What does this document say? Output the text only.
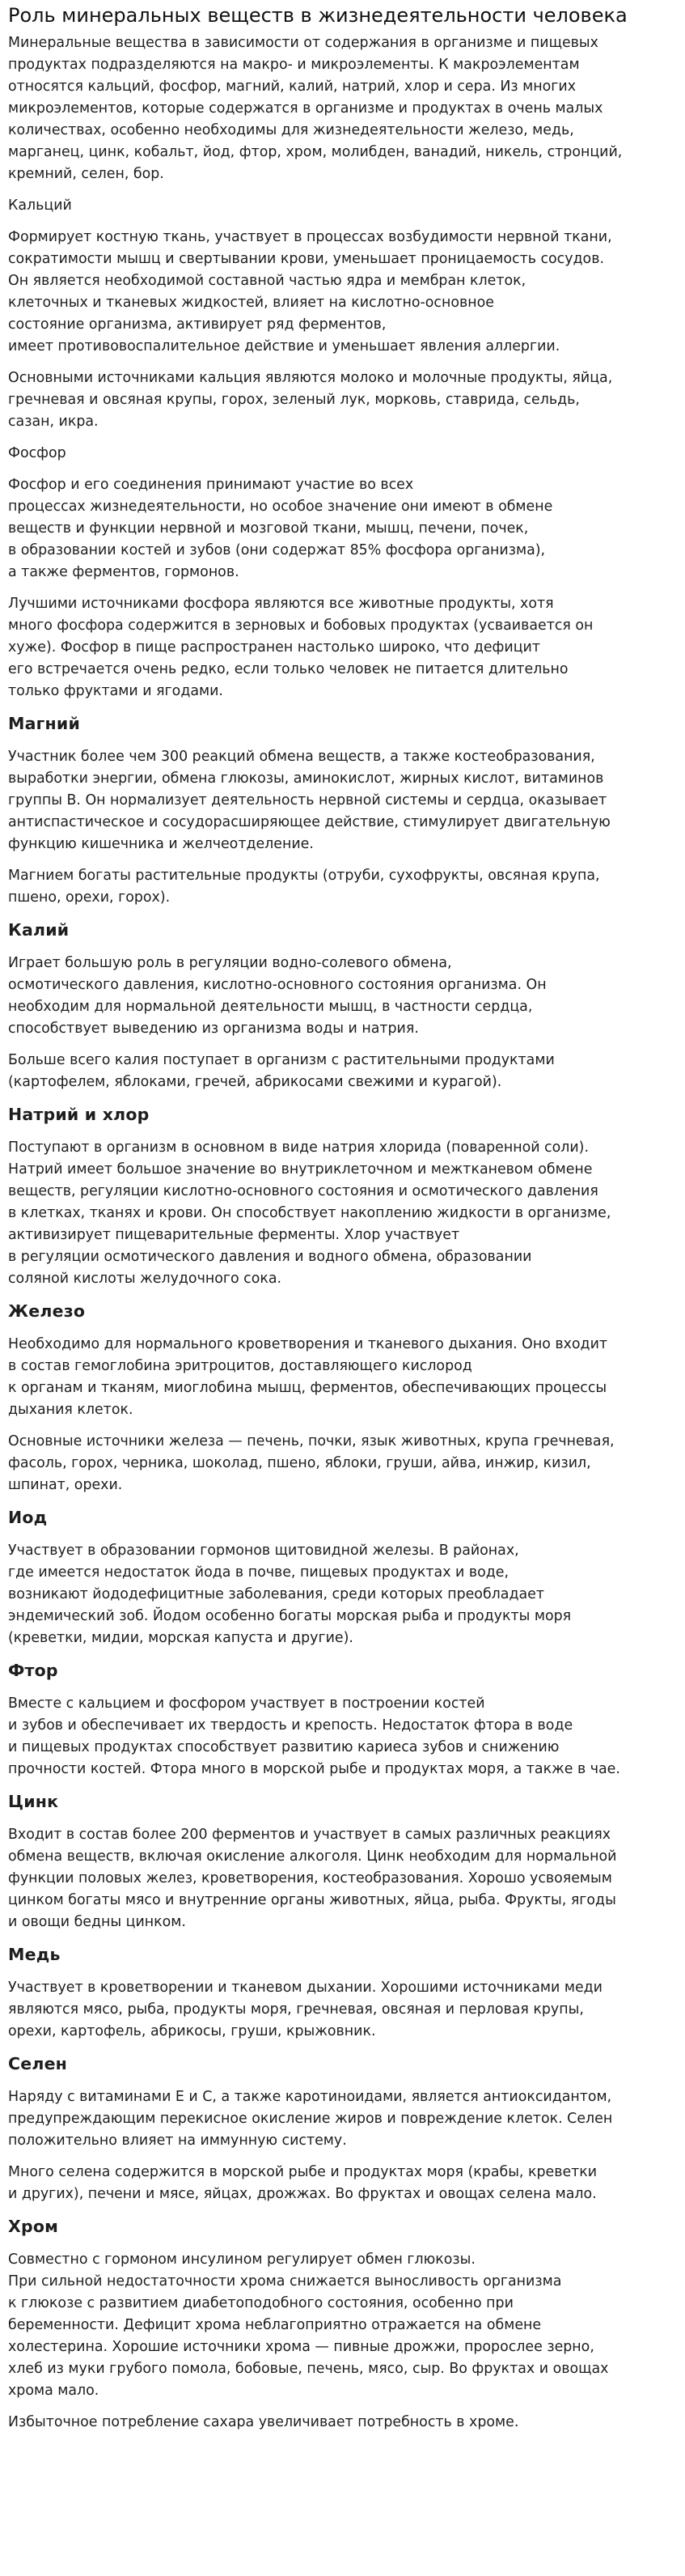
Роль минеральных веществ в жизнедеятельности человека

Минеральные вещества в зависимости от содержания в организме и пищевых
продуктах подразделяются на макро- и микроэлементы. К макроэлементам
относятся кальций, фосфор, магний, калий, натрий, хлор и сера. Из многих
микроэлементов, которые содержатся в организме и продуктах в очень малых
количествах, особенно необходимы для жизнедеятельности железо, медь,
марганец, цинк, кобальт, йод, фтор, хром, молибден, ванадий, никель, стронций,
кремний, селен, бор.

Кальций

Формирует костную ткань, участвует в процессах возбудимости нервной ткани,
сократимости мышц и свертывании крови, уменьшает проницаемость сосудов.
Он является необходимой составной частью ядра и мембран клеток,
клеточных и тканевых жидкостей, влияет на кислотно-основное
состояние организма, активирует ряд ферментов,
имеет противовоспалительное действие и уменьшает явления аллергии.

Основными источниками кальция являются молоко и молочные продукты, яйца,
гречневая и овсяная крупы, горох, зеленый лук, морковь, ставрида, сельдь,
сазан, икра.

Фосфор

Фосфор и его соединения принимают участие во всех
процессах жизнедеятельности, но особое значение они имеют в обмене
веществ и функции нервной и мозговой ткани, мышц, печени, почек,
в образовании костей и зубов (они содержат 85% фосфора организма),
а также ферментов, гормонов.

Лучшими источниками фосфора являются все животные продукты, хотя
много фосфора содержится в зерновых и бобовых продуктах (усваивается он
хуже). Фосфор в пище распространен настолько широко, что дефицит
его встречается очень редко, если только человек не питается длительно
только фруктами и ягодами.

Магний

Участник более чем 300 реакций обмена веществ, а также костеобразования,
выработки энергии, обмена глюкозы, аминокислот, жирных кислот, витаминов
группы В. Он нормализует деятельность нервной системы и сердца, оказывает
антиспастическое и сосудорасширяющее действие, стимулирует двигательную
функцию кишечника и желчеотделение.

Магнием богаты растительные продукты (отруби, сухофрукты, овсяная крупа,
пшено, орехи, горох).

Калий

Играет большую роль в регуляции водно-солевого обмена,
осмотического давления, кислотно-основного состояния организма. Он
необходим для нормальной деятельности мышц, в частности сердца,
способствует выведению из организма воды и натрия.

Больше всего калия поступает в организм с растительными продуктами
(картофелем, яблоками, гречей, абрикосами свежими и курагой).

Натрий и хлор

Поступают в организм в основном в виде натрия хлорида (поваренной соли).
Натрий имеет большое значение во внутриклеточном и межтканевом обмене
веществ, регуляции кислотно-основного состояния и осмотического давления
в клетках, тканях и крови. Он способствует накоплению жидкости в организме,
активизирует пищеварительные ферменты. Хлор участвует
в регуляции осмотического давления и водного обмена, образовании
соляной кислоты желудочного сока.

Железо

Необходимо для нормального кроветворения и тканевого дыхания. Оно входит
в состав гемоглобина эритроцитов, доставляющего кислород
к органам и тканям, миоглобина мышц, ферментов, обеспечивающих процессы
дыхания клеток.

Основные источники железа — печень, почки, язык животных, крупа гречневая,
фасоль, горох, черника, шоколад, пшено, яблоки, груши, айва, инжир, кизил,
шпинат, орехи.

Иод

Участвует в образовании гормонов щитовидной железы. В районах,
где имеется недостаток йода в почве, пищевых продуктах и воде,
возникают йододефицитные заболевания, среди которых преобладает
эндемический зоб. Йодом особенно богаты морская рыба и продукты моря
(креветки, мидии, морская капуста и другие).

Фтор

Вместе с кальцием и фосфором участвует в построении костей
и зубов и обеспечивает их твердость и крепость. Недостаток фтора в воде
и пищевых продуктах способствует развитию кариеса зубов и снижению
прочности костей. Фтора много в морской рыбе и продуктах моря, а также в чае.

Цинк

Входит в состав более 200 ферментов и участвует в самых различных реакциях
обмена веществ, включая окисление алкоголя. Цинк необходим для нормальной
функции половых желез, кроветворения, костеобразования. Хорошо усвояемым
цинком богаты мясо и внутренние органы животных, яйца, рыба. Фрукты, ягоды
и овощи бедны цинком.

Медь

Участвует в кроветворении и тканевом дыхании. Хорошими источниками меди
являются мясо, рыба, продукты моря, гречневая, овсяная и перловая крупы,
орехи, картофель, абрикосы, груши, крыжовник.

Селен

Наряду с витаминами Е и С, а также каротиноидами, является антиоксидантом,
предупреждающим перекисное окисление жиров и повреждение клеток. Селен
положительно влияет на иммунную систему.

Много селена содержится в морской рыбе и продуктах моря (крабы, креветки
и других), печени и мясе, яйцах, дрожжах. Во фруктах и овощах селена мало.

Хром

Совместно с гормоном инсулином регулирует обмен глюкозы.
При сильной недостаточности хрома снижается выносливость организма
к глюкозе с развитием диабетоподобного состояния, особенно при
беременности. Дефицит хрома неблагоприятно отражается на обмене
холестерина. Хорошие источники хрома — пивные дрожжи, пророслее зерно,
хлеб из муки грубого помола, бобовые, печень, мясо, сыр. Во фруктах и овощах
хрома мало.

Избыточное потребление сахара увеличивает потребность в хроме.
